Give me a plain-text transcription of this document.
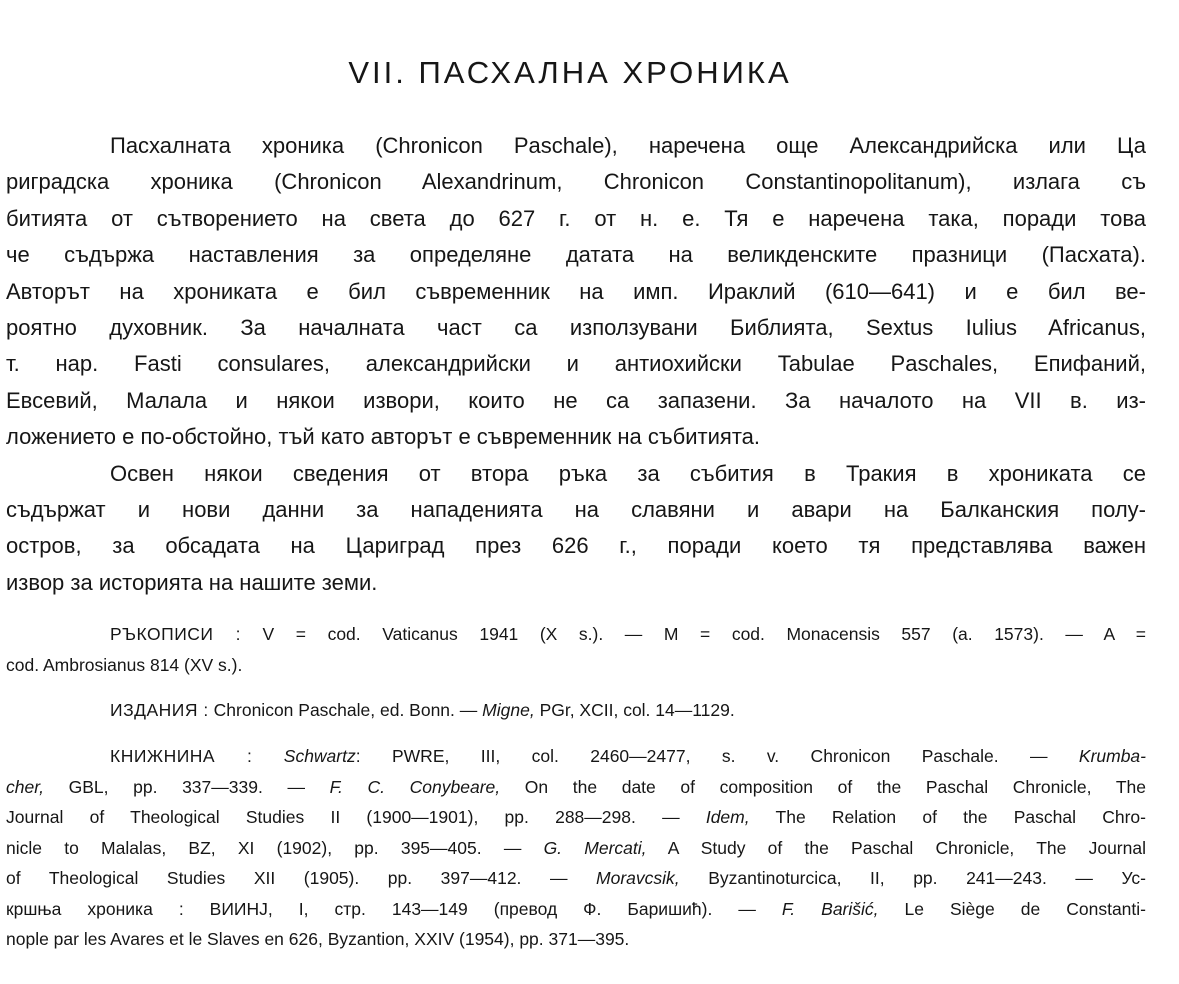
VII. ПАСХАЛНА ХРОНИКА
Пасхалната хроника (Chronicon Paschale), наречена още Александрийска или Ца
риградска хроника (Chronicon Alexandrinum, Chronicon Constantinopolitanum), излага съ
битията от сътворението на света до 627 г. от н. е. Тя е наречена така, поради това
че съдържа наставления за определяне датата на великденските празници (Пасхата).
Авторът на хрониката е бил съвременник на имп. Ираклий (610—641) и е бил ве-
роятно духовник. За началната част са използувани Библията, Sextus Iulius Africanus,
т. нар. Fasti consulares, александрийски и антиохийски Tabulae Paschales, Епифаний,
Евсевий, Малала и някои извори, които не са запазени. За началото на VII в. из-
ложението е по-обстойно, тъй като авторът е съвременник на събитията.
Освен някои сведения от втора ръка за събития в Тракия в хрониката се
съдържат и нови данни за нападенията на славяни и авари на Балканския полу-
остров, за обсадата на Цариград през 626 г., поради което тя представлява важен
извор за историята на нашите земи.
РЪКОПИСИ : V = cod. Vaticanus 1941 (X s.). — M = cod. Monacensis 557 (a. 1573). — A =
cod. Ambrosianus 814 (XV s.).
ИЗДАНИЯ : Chronicon Paschale, ed. Bonn. — Migne, PGr, XCII, col. 14—1129.
КНИЖНИНА : Schwartz: PWRE, III, col. 2460—2477, s. v. Chronicon Paschale. — Krumba-
cher, GBL, pp. 337—339. — F. C. Conybeare, On the date of composition of the Paschal Chronicle, The
Journal of Theological Studies II (1900—1901), pp. 288—298. — Idem, The Relation of the Paschal Chro-
nicle to Malalas, BZ, XI (1902), pp. 395—405. — G. Mercati, A Study of the Paschal Chronicle, The Journal
of Theological Studies XII (1905). pp. 397—412. — Moravcsik, Byzantinoturcica, II, pp. 241—243. — Ус-
кршња хроника : ВИИНЈ, I, стр. 143—149 (превод Ф. Баришић). — F. Barišić, Le Siège de Constanti-
nople par les Avares et le Slaves en 626, Byzantion, XXIV (1954), pp. 371—395.
